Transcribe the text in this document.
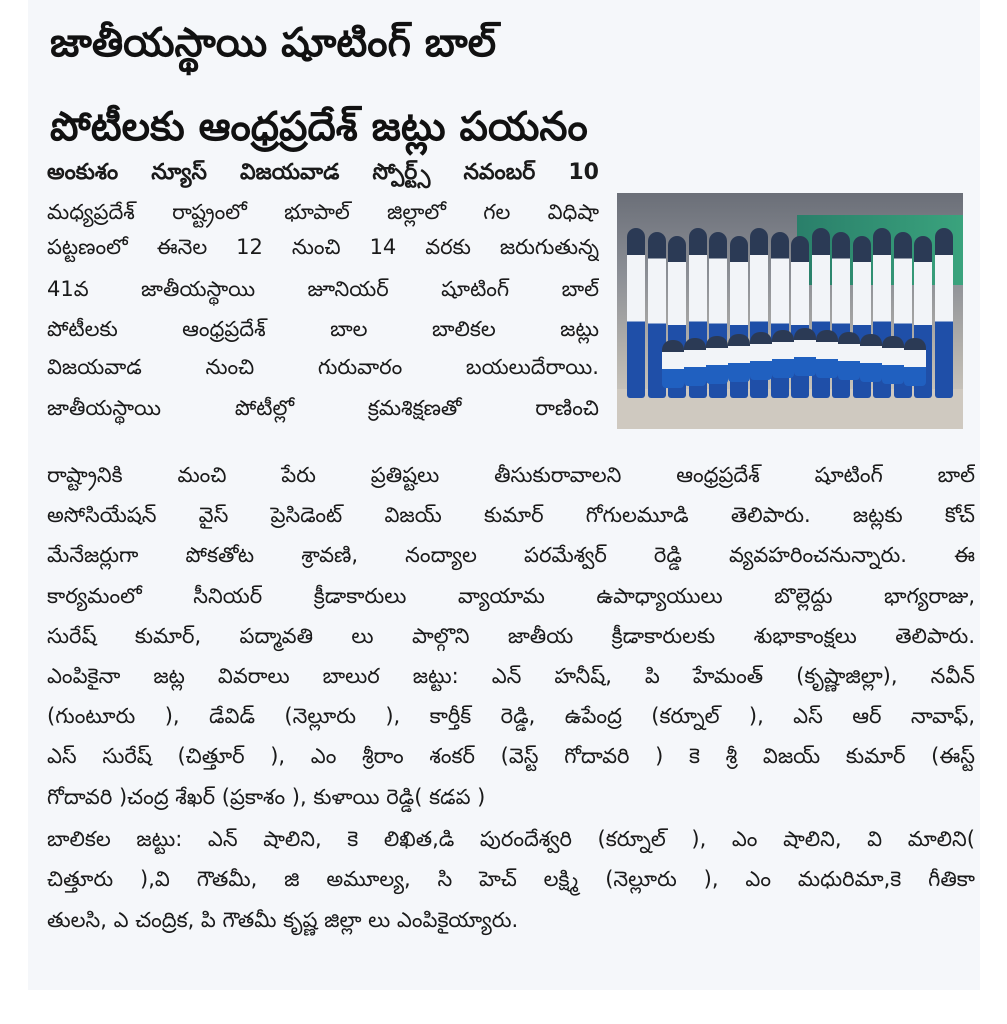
జాతీయస్థాయి షూటింగ్ బాల్
పోటీలకు ఆంధ్రప్రదేశ్ జట్లు పయనం
అంకుశం న్యూస్ విజయవాడ స్పోర్ట్స్ నవంబర్ 10
మధ్యప్రదేశ్ రాష్ట్రంలో భూపాల్ జిల్లాలో గల విధిషా
పట్టణంలో ఈనెల 12 నుంచి 14 వరకు జరుగుతున్న
41వ జాతీయస్థాయి జూనియర్ షూటింగ్ బాల్
పోటీలకు ఆంధ్రప్రదేశ్ బాల బాలికల జట్లు
విజయవాడ నుంచి గురువారం బయలుదేరాయి.
జాతీయస్థాయి పోటీల్లో క్రమశిక్షణతో రాణించి
రాష్ట్రానికి మంచి పేరు ప్రతిష్టలు తీసుకురావాలని ఆంధ్రప్రదేశ్ షూటింగ్ బాల్
అసోసియేషన్ వైస్ ప్రెసిడెంట్ విజయ్ కుమార్ గోగులమూడి తెలిపారు. జట్లకు కోచ్
మేనేజర్లుగా పోకతోట శ్రావణి, నంద్యాల పరమేశ్వర్ రెడ్డి వ్యవహరించనున్నారు. ఈ
కార్యమంలో సీనియర్ క్రీడాకారులు వ్యాయామ ఉపాధ్యాయులు బొల్లెద్దు భాగ్యరాజు,
సురేష్ కుమార్, పద్మావతి లు పాల్గొని జాతీయ క్రీడాకారులకు శుభాకాంక్షలు తెలిపారు.
ఎంపికైనా జట్ల వివరాలు బాలుర జట్టు: ఎన్ హనీష్, పి హేమంత్ (కృష్ణాజిల్లా), నవీన్
(గుంటూరు ), డేవిడ్ (నెల్లూరు ), కార్తీక్ రెడ్డి, ఉపేంద్ర (కర్నూల్ ), ఎస్ ఆర్ నావాఫ్,
ఎస్ సురేష్ (చిత్తూర్ ), ఎం శ్రీరాం శంకర్ (వెస్ట్ గోదావరి ) కె శ్రీ విజయ్ కుమార్ (ఈస్ట్
గోదావరి )చంద్ర శేఖర్ (ప్రకాశం ), కుళాయి రెడ్డి( కడప )
బాలికల జట్టు: ఎన్ షాలిని, కె లిఖిత,డి పురందేశ్వరి (కర్నూల్ ), ఎం షాలిని, వి మాలిని(
చిత్తూరు ),వి గౌతమీ, జి అమూల్య, సి హెచ్ లక్ష్మి (నెల్లూరు ), ఎం మధురిమా,కె గీతికా
తులసి, ఎ చంద్రిక, పి గౌతమీ కృష్ణ జిల్లా లు ఎంపికైయ్యారు.
